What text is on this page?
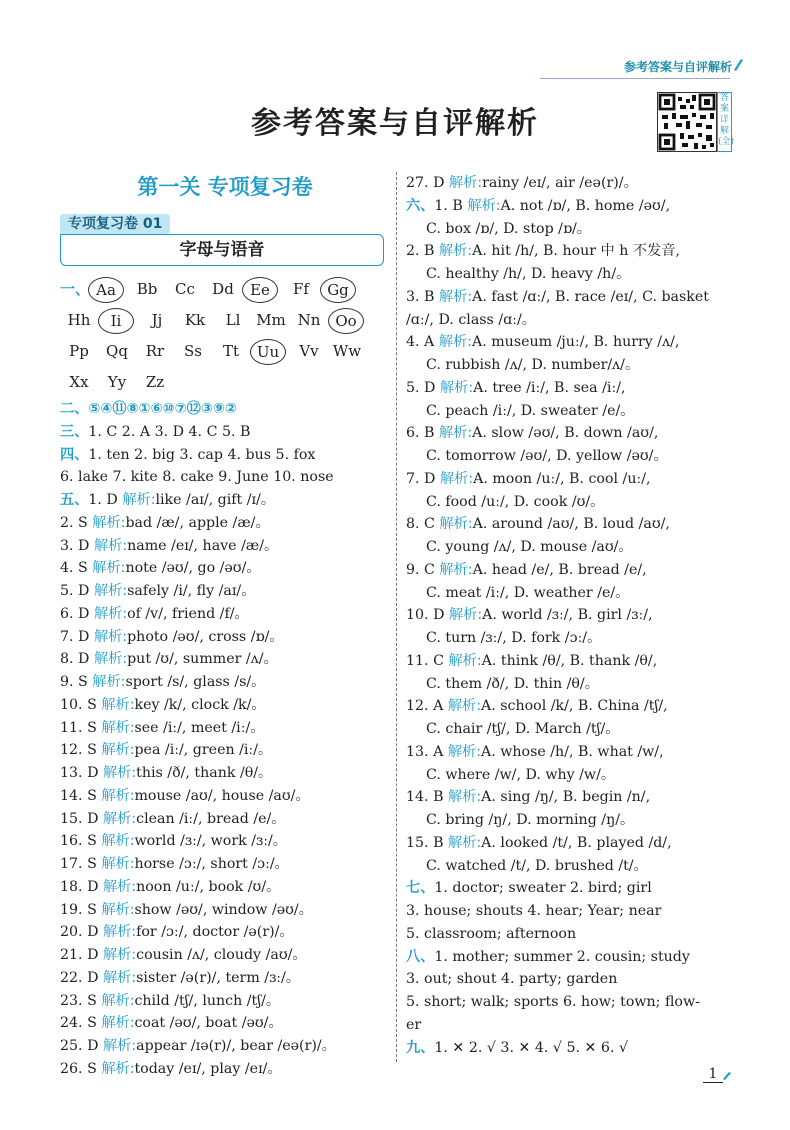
参考答案与自评解析
参考答案与自评解析
答案详解(全)
第一关 专项复习卷
字母与语音
专项复习卷 01
一、 Aa	Bb	Cc	Dd	Ee	Ff	Gg
Hh	Ii	Jj	Kk	Ll	Mm Nn Oo
Pp	Qq	Rr	Ss	Tt	Uu	Vv Ww
Xx	Yy	Zz
二、⑤④⑪⑧①⑥⑩⑦⑫③⑨②
三、1. C 2. A 3. D 4. C 5. B
四、1. ten 2. big 3. cap 4. bus 5. fox
6. lake 7. kite 8. cake 9. June 10. nose
五、1. D 解析:like /aɪ/, gift /ɪ/。
2. S 解析:bad /æ/, apple /æ/。
3. D 解析:name /eɪ/, have /æ/。
4. S 解析:note /əʊ/, go /əʊ/。
5. D 解析:safely /i/, fly /aɪ/。
6. D 解析:of /v/, friend /f/。
7. D 解析:photo /əʊ/, cross /ɒ/。
8. D 解析:put /ʊ/, summer /ʌ/。
9. S 解析:sport /s/, glass /s/。
10. S 解析:key /k/, clock /k/。
11. S 解析:see /iː/, meet /iː/。
12. S 解析:pea /iː/, green /iː/。
13. D 解析:this /ð/, thank /θ/。
14. S 解析:mouse /aʊ/, house /aʊ/。
15. D 解析:clean /iː/, bread /e/。
16. S 解析:world /ɜː/, work /ɜː/。
17. S 解析:horse /ɔː/, short /ɔː/。
18. D 解析:noon /uː/, book /ʊ/。
19. S 解析:show /əʊ/, window /əʊ/。
20. D 解析:for /ɔː/, doctor /ə(r)/。
21. D 解析:cousin /ʌ/, cloudy /aʊ/。
22. D 解析:sister /ə(r)/, term /ɜː/。
23. S 解析:child /tʃ/, lunch /tʃ/。
24. S 解析:coat /əʊ/, boat /əʊ/。
25. D 解析:appear /ɪə(r)/, bear /eə(r)/。
26. S 解析:today /eɪ/, play /eɪ/。
27. D 解析:rainy /eɪ/, air /eə(r)/。
六、1. B 解析:A. not /ɒ/, B. home /əʊ/,
C. box /ɒ/, D. stop /ɒ/。
2. B 解析:A. hit /h/, B. hour 中 h 不发音,
C. healthy /h/, D. heavy /h/。
3. B 解析:A. fast /ɑː/, B. race /eɪ/, C. basket
/ɑː/, D. class /ɑː/。
4. A 解析:A. museum /juː/, B. hurry /ʌ/,
C. rubbish /ʌ/, D. number/ʌ/。
5. D 解析:A. tree /iː/, B. sea /iː/,
C. peach /iː/, D. sweater /e/。
6. B 解析:A. slow /əʊ/, B. down /aʊ/,
C. tomorrow /əʊ/, D. yellow /əʊ/。
7. D 解析:A. moon /uː/, B. cool /uː/,
C. food /uː/, D. cook /ʊ/。
8. C 解析:A. around /aʊ/, B. loud /aʊ/,
C. young /ʌ/, D. mouse /aʊ/。
9. C 解析:A. head /e/, B. bread /e/,
C. meat /iː/, D. weather /e/。
10. D 解析:A. world /ɜː/, B. girl /ɜː/,
C. turn /ɜː/, D. fork /ɔː/。
11. C 解析:A. think /θ/, B. thank /θ/,
C. them /ð/, D. thin /θ/。
12. A 解析:A. school /k/, B. China /tʃ/,
C. chair /tʃ/, D. March /tʃ/。
13. A 解析:A. whose /h/, B. what /w/,
C. where /w/, D. why /w/。
14. B 解析:A. sing /ŋ/, B. begin /n/,
C. bring /ŋ/, D. morning /ŋ/。
15. B 解析:A. looked /t/, B. played /d/,
C. watched /t/, D. brushed /t/。
七、1. doctor; sweater 2. bird; girl
3. house; shouts 4. hear; Year; near
5. classroom; afternoon
八、1. mother; summer 2. cousin; study
3. out; shout 4. party; garden
5. short; walk; sports 6. how; town; flow-
er
九、1. ✕ 2. √ 3. ✕ 4. √ 5. ✕ 6. √
1
